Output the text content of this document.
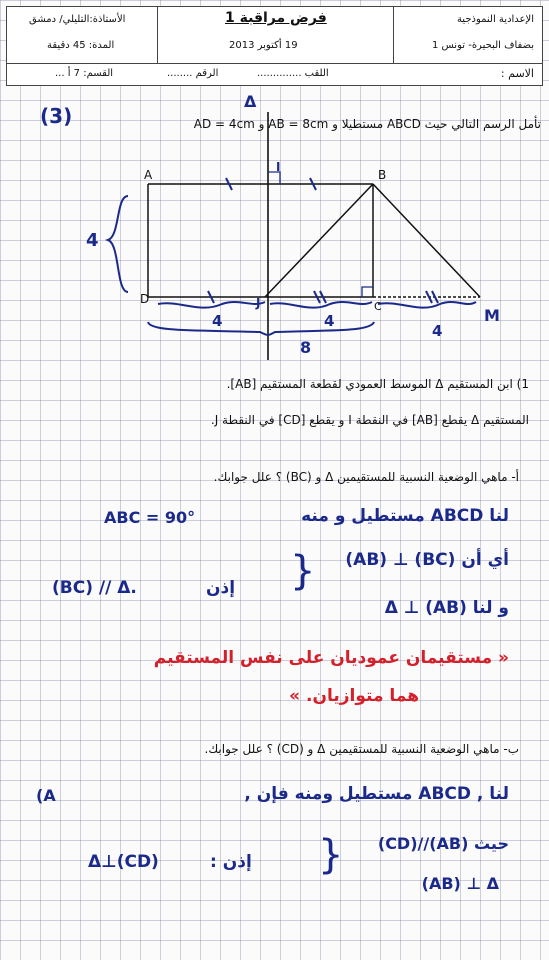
الإعدادية النموذجية
بضفاف البحيرة- تونس 1
فرض مراقبة 1
19 أكتوبر 2013
الأستاذة:التليلي/ دمشق
المدة: 45 دقيقة
الاسم :
اللقب ..............
الرقم ........
القسم: 7 أ ...
(3)
Δ
تأمل الرسم التالي حيث ABCD مستطيلا و AB = 8cm و AD = 4cm
A	B
C
D
I
J
M
4
4	4
4
8
1) ابن المستقيم Δ الموسط العمودي لقطعة المستقيم [AB].
المستقيم Δ يقطع [AB] في النقطة I و يقطع [CD] في النقطة J.
أ- ماهي الوضعية النسبية للمستقيمين Δ و (BC) ؟ علل جوابك.
لنا ABCD مستطيل و منه
ABC = 90°
أي أن (BC) ⊥ (AB)
و لنا Δ ⊥ (AB)
{
إذن
(BC) // Δ.
« مستقيمان عموديان على نفس المستقيم
هما متوازيان. »
ب- ماهي الوضعية النسبية للمستقيمين Δ و (CD) ؟ علل جوابك.
(A	لنا , ABCD مستطيل ومنه فإن ,
حيث (AB)//(CD)
{
(AB) ⊥ Δ
إذن :
Δ⊥(CD)
